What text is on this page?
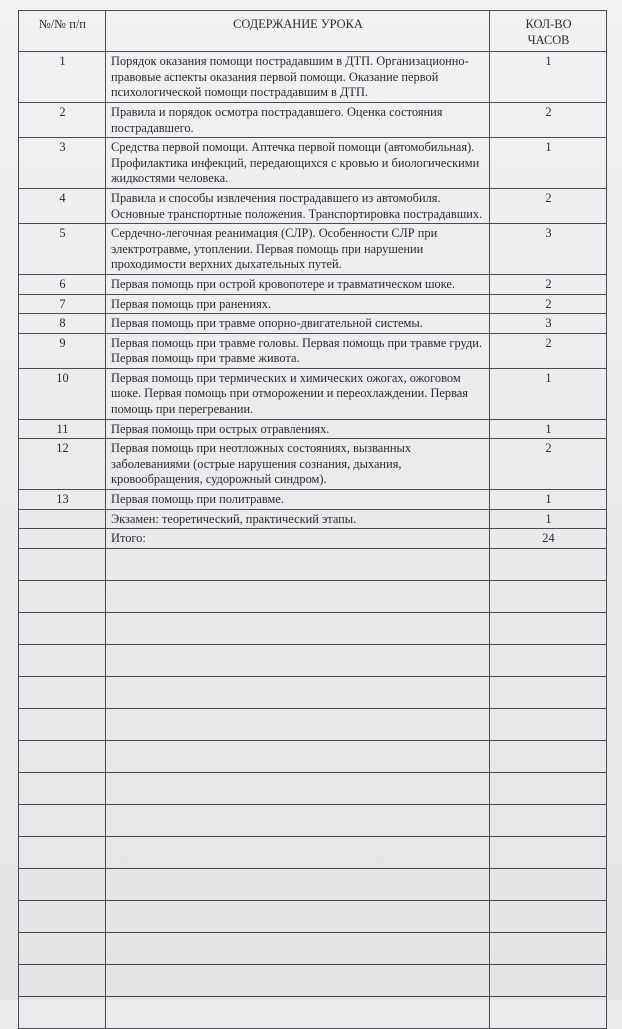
№/№ п/п	СОДЕРЖАНИЕ УРОКА	КОЛ-ВО
ЧАСОВ
1	Порядок оказания помощи пострадавшим в ДТП. Организационно-правовые аспекты оказания первой помощи. Оказание первой психологической помощи пострадавшим в ДТП.	1
2	Правила и порядок осмотра пострадавшего. Оценка состояния пострадавшего.	2
3	Средства первой помощи. Аптечка первой помощи (автомобильная). Профилактика инфекций, передающихся с кровью и биологическими жидкостями человека.	1
4	Правила и способы извлечения пострадавшего из автомобиля. Основные транспортные положения. Транспортировка пострадавших.	2
5	Сердечно-легочная реанимация (СЛР). Особенности СЛР при электротравме, утоплении. Первая помощь при нарушении проходимости верхних дыхательных путей.	3
6	Первая помощь при острой кровопотере и травматическом шоке.	2
7	Первая помощь при ранениях.	2
8	Первая помощь при травме опорно-двигательной системы.	3
9	Первая помощь при травме головы. Первая помощь при травме груди. Первая помощь при травме живота.	2
10	Первая помощь при термических и химических ожогах, ожоговом шоке. Первая помощь при отморожении и переохлаждении. Первая помощь при перегревании.	1
11	Первая помощь при острых отравлениях.	1
12	Первая помощь при неотложных состояниях, вызванных заболеваниями (острые нарушения сознания, дыхания, кровообращения, судорожный синдром).	2
13	Первая помощь при политравме.	1
	Экзамен: теоретический, практический этапы.	1
	Итого:	24
